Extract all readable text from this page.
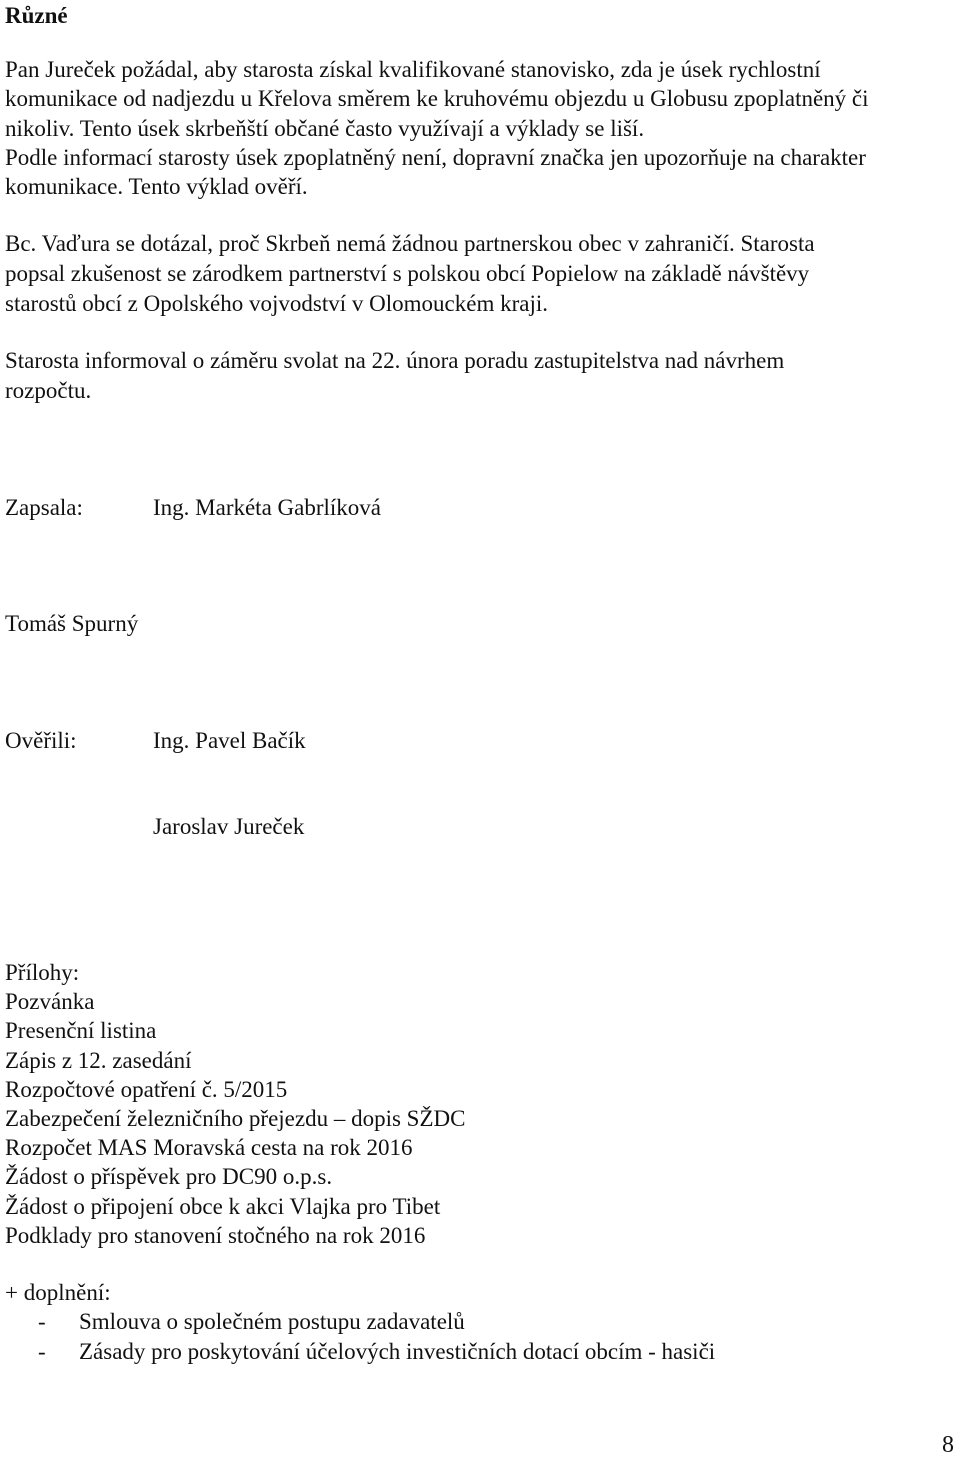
Různé

Pan Jureček požádal, aby starosta získal kvalifikované stanovisko, zda je úsek rychlostní
komunikace od nadjezdu u Křelova směrem ke kruhovému objezdu u Globusu zpoplatněný či
nikoliv. Tento úsek skrbeňští občané často využívají a výklady se liší.
Podle informací starosty úsek zpoplatněný není, dopravní značka jen upozorňuje na charakter
komunikace. Tento výklad ověří.

Bc. Vaďura se dotázal, proč Skrbeň nemá žádnou partnerskou obec v zahraničí. Starosta
popsal zkušenost se zárodkem partnerství s polskou obcí Popielow na základě návštěvy
starostů obcí z Opolského vojvodství v Olomouckém kraji.

Starosta informoval o záměru svolat na 22. února poradu zastupitelstva nad návrhem
rozpočtu.

Zapsala:	Ing. Markéta Gabrlíková
Tomáš Spurný
Ověřili:	Ing. Pavel Bačík
Jaroslav Jureček
Přílohy:
Pozvánka
Presenční listina
Zápis z 12. zasedání
Rozpočtové opatření č. 5/2015
Zabezpečení železničního přejezdu – dopis SŽDC
Rozpočet MAS Moravská cesta na rok 2016
Žádost o příspěvek pro DC90 o.p.s.
Žádost o připojení obce k akci Vlajka pro Tibet
Podklady pro stanovení stočného na rok 2016
+ doplnění:
- Smlouva o společném postupu zadavatelů
- Zásady pro poskytování účelových investičních dotací obcím - hasiči
8
